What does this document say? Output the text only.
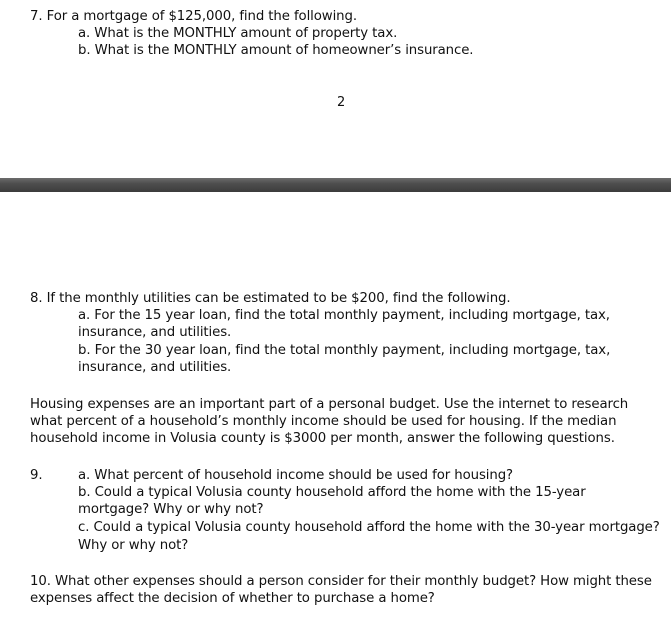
7. For a mortgage of $125,000, find the following.
a. What is the MONTHLY amount of property tax.
b. What is the MONTHLY amount of homeowner’s insurance.
2
8. If the monthly utilities can be estimated to be $200, find the following.
a. For the 15 year loan, find the total monthly payment, including mortgage, tax,
insurance, and utilities.
b. For the 30 year loan, find the total monthly payment, including mortgage, tax,
insurance, and utilities.
Housing expenses are an important part of a personal budget. Use the internet to research
what percent of a household’s monthly income should be used for housing. If the median
household income in Volusia county is $3000 per month, answer the following questions.
9.	a. What percent of household income should be used for housing?
b. Could a typical Volusia county household afford the home with the 15-year
mortgage? Why or why not?
c. Could a typical Volusia county household afford the home with the 30-year mortgage?
Why or why not?
10. What other expenses should a person consider for their monthly budget? How might these
expenses affect the decision of whether to purchase a home?
